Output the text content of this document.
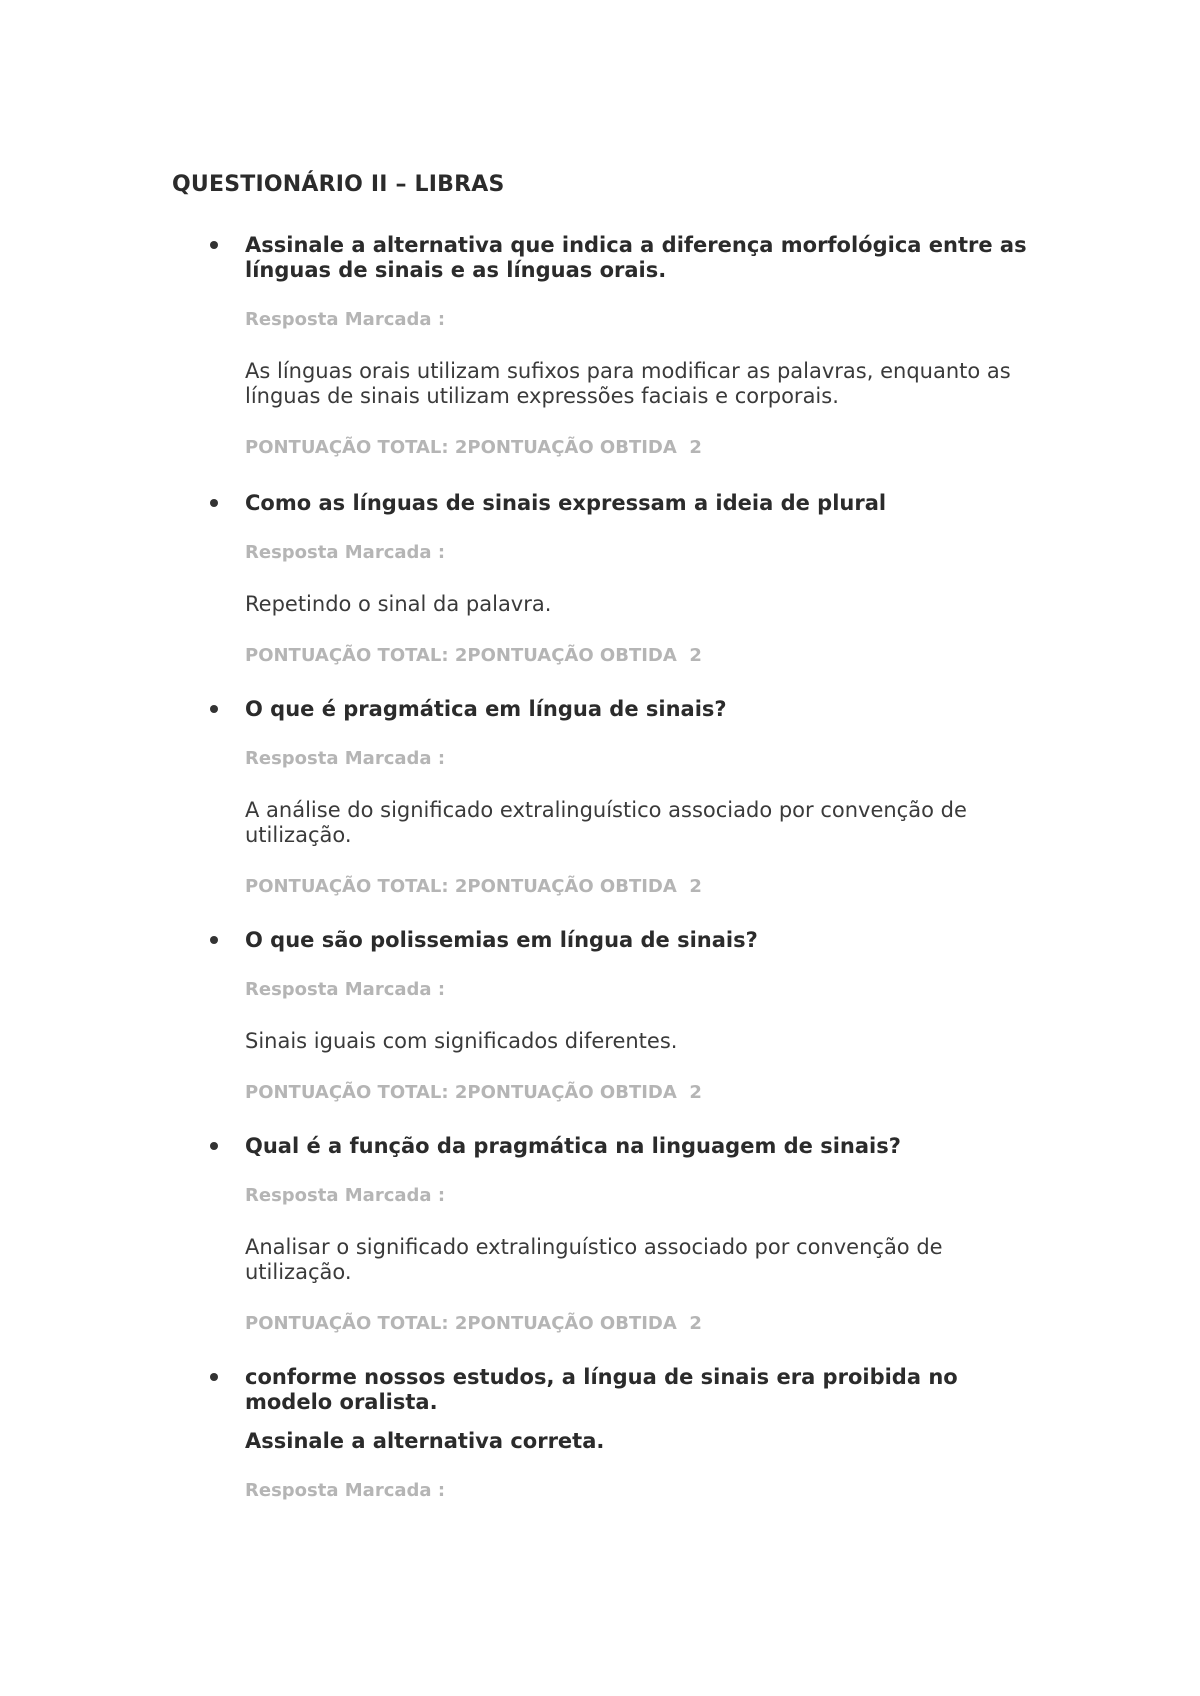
QUESTIONÁRIO II – LIBRAS

Assinale a alternativa que indica a diferença morfológica entre as línguas de sinais e as línguas orais.

Resposta Marcada :

As línguas orais utilizam sufixos para modificar as palavras, enquanto as línguas de sinais utilizam expressões faciais e corporais.

PONTUAÇÃO TOTAL: 2PONTUAÇÃO OBTIDA  2

Como as línguas de sinais expressam a ideia de plural

Resposta Marcada :

Repetindo o sinal da palavra.

PONTUAÇÃO TOTAL: 2PONTUAÇÃO OBTIDA  2

O que é pragmática em língua de sinais?

Resposta Marcada :

A análise do significado extralinguístico associado por convenção de utilização.

PONTUAÇÃO TOTAL: 2PONTUAÇÃO OBTIDA  2

O que são polissemias em língua de sinais?

Resposta Marcada :

Sinais iguais com significados diferentes.

PONTUAÇÃO TOTAL: 2PONTUAÇÃO OBTIDA  2

Qual é a função da pragmática na linguagem de sinais?

Resposta Marcada :

Analisar o significado extralinguístico associado por convenção de utilização.

PONTUAÇÃO TOTAL: 2PONTUAÇÃO OBTIDA  2

conforme nossos estudos, a língua de sinais era proibida no modelo oralista.

Assinale a alternativa correta.

Resposta Marcada :
